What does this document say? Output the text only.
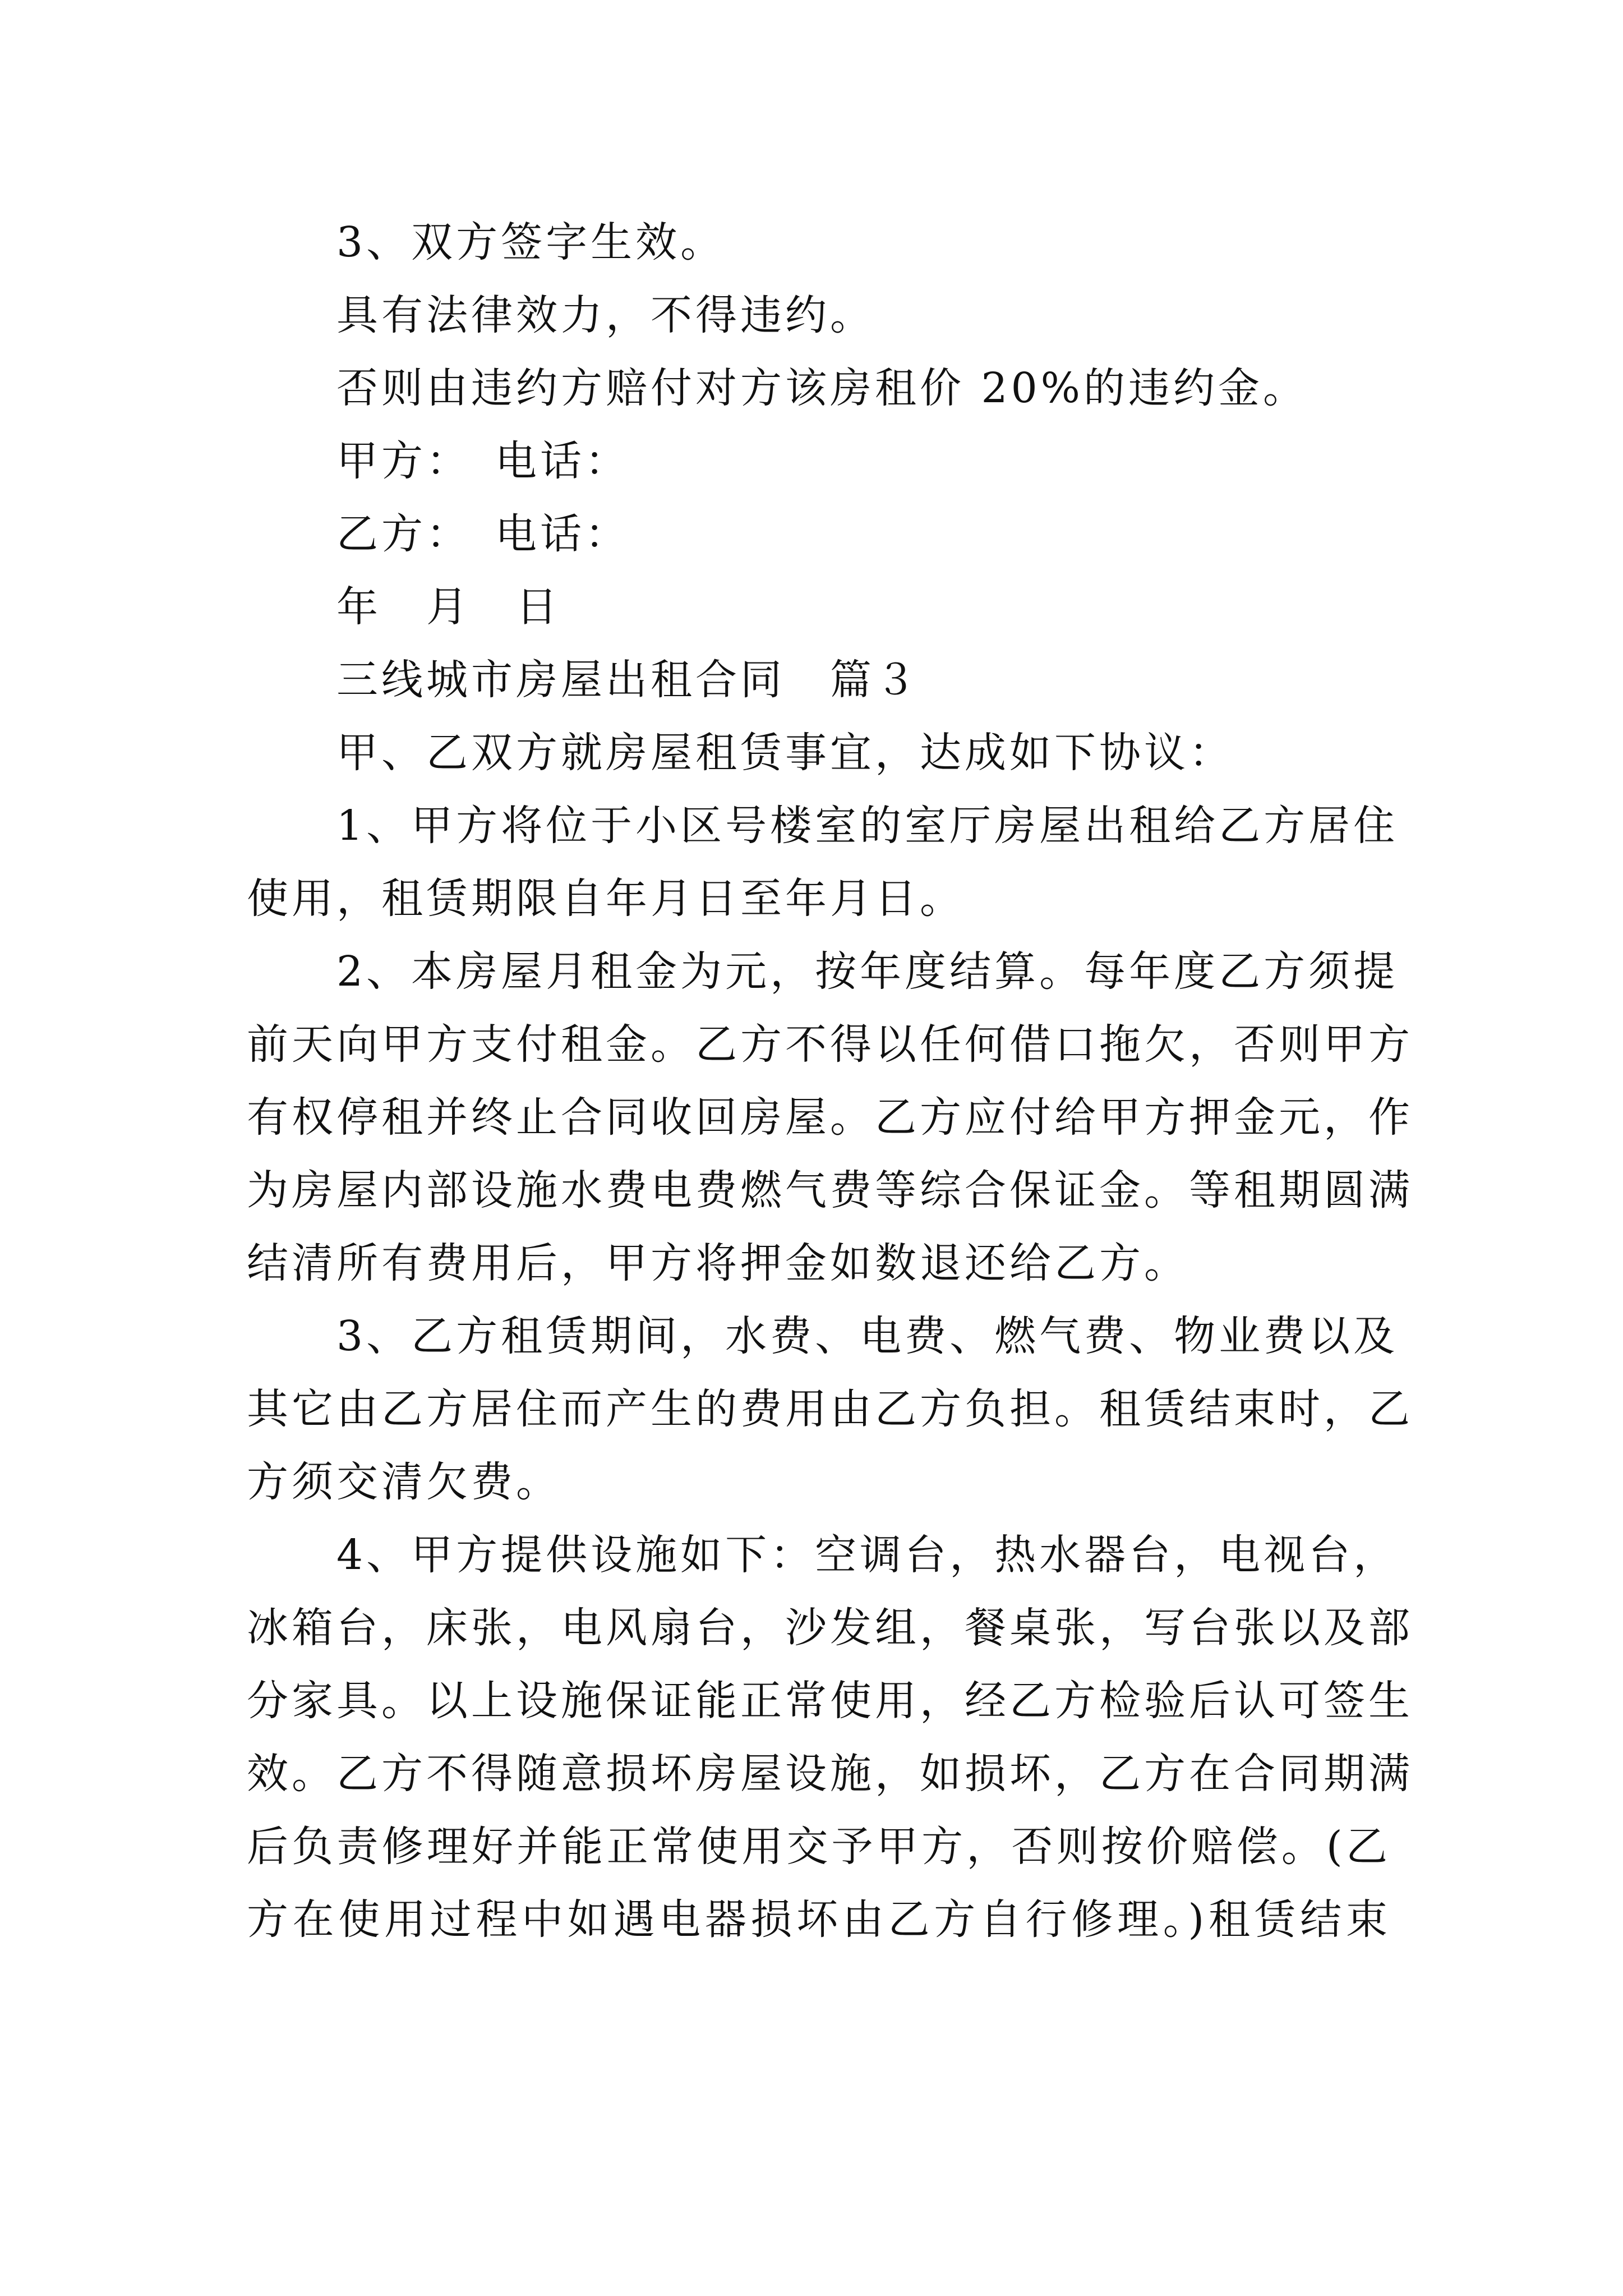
3、双方签字生效。
具有法律效力，不得违约。
否则由违约方赔付对方该房租价 20%的违约金。
甲方：　电话：
乙方：　电话：
年　月　日
三线城市房屋出租合同　篇３
甲、乙双方就房屋租赁事宜，达成如下协议：
1、甲方将位于小区号楼室的室厅房屋出租给乙方居住
使用，租赁期限自年月日至年月日。
2、本房屋月租金为元，按年度结算。每年度乙方须提
前天向甲方支付租金。乙方不得以任何借口拖欠，否则甲方
有权停租并终止合同收回房屋。乙方应付给甲方押金元，作
为房屋内部设施水费电费燃气费等综合保证金。等租期圆满
结清所有费用后，甲方将押金如数退还给乙方。
3、乙方租赁期间，水费、电费、燃气费、物业费以及
其它由乙方居住而产生的费用由乙方负担。租赁结束时，乙
方须交清欠费。
4、甲方提供设施如下：空调台，热水器台，电视台，
冰箱台，床张，电风扇台，沙发组，餐桌张，写台张以及部
分家具。以上设施保证能正常使用，经乙方检验后认可签生
效。乙方不得随意损坏房屋设施，如损坏，乙方在合同期满
后负责修理好并能正常使用交予甲方，否则按价赔偿。(乙
方在使用过程中如遇电器损坏由乙方自行修理。)租赁结束
